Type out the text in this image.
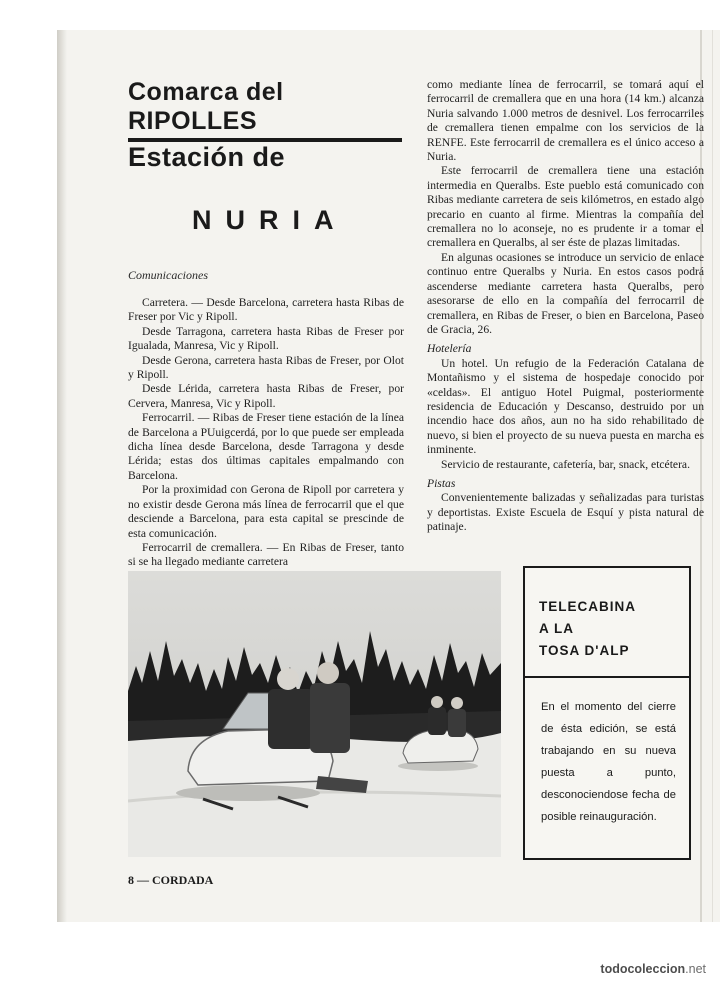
Comarca del RIPOLLES
Estación de
NURIA

Comunicaciones

Carretera. — Desde Barcelona, carretera hasta Ribas de Freser por Vic y Ripoll.

Desde Tarragona, carretera hasta Ribas de Freser por Igualada, Manresa, Vic y Ripoll.

Desde Gerona, carretera hasta Ribas de Freser, por Olot y Ripoll.

Desde Lérida, carretera hasta Ribas de Freser, por Cervera, Manresa, Vic y Ripoll.

Ferrocarril. — Ribas de Freser tiene estación de la línea de Barcelona a PUuigcerdá, por lo que puede ser empleada dicha línea desde Barcelona, desde Tarragona y desde Lérida; estas dos últimas capitales empalmando con Barcelona.

Por la proximidad con Gerona de Ripoll por carretera y no existir desde Gerona más línea de ferrocarril que el que desciende a Barcelona, para esta capital se prescinde de esta comunicación.

Ferrocarril de cremallera. — En Ribas de Freser, tanto si se ha llegado mediante carretera

como mediante línea de ferrocarril, se tomará aquí el ferrocarril de cremallera que en una hora (14 km.) alcanza Nuria salvando 1.000 metros de desnivel. Los ferrocarriles de cremallera tienen empalme con los servicios de la RENFE. Este ferrocarril de cremallera es el único acceso a Nuria.

Este ferrocarril de cremallera tiene una estación intermedia en Queralbs. Este pueblo está comunicado con Ribas mediante carretera de seis kilómetros, en estado algo precario en cuanto al firme. Mientras la compañía del cremallera no lo aconseje, no es prudente ir a tomar el cremallera en Queralbs, al ser éste de plazas limitadas.

En algunas ocasiones se introduce un servicio de enlace continuo entre Queralbs y Nuria. En estos casos podrá ascenderse mediante carretera hasta Queralbs, pero asesorarse de ello en la compañía del ferrocarril de cremallera, en Ribas de Freser, o bien en Barcelona, Paseo de Gracia, 26.

Hotelería

Un hotel. Un refugio de la Federación Catalana de Montañismo y el sistema de hospedaje conocido por «celdas». El antiguo Hotel Puigmal, posteriormente residencia de Educación y Descanso, destruido por un incendio hace dos años, aun no ha sido rehabilitado de nuevo, si bien el proyecto de su nueva puesta en marcha es inminente.

Servicio de restaurante, cafetería, bar, snack, etcétera.

Pistas

Convenientemente balizadas y señalizadas para turistas y deportistas. Existe Escuela de Esquí y pista natural de patinaje.

TELECABINA
A LA
TOSA D'ALP

En el momento del cierre de ésta edición, se está trabajando en su nueva puesta a punto, desconociendose fecha de posible reinauguración.

8 — CORDADA

todocoleccion.net
